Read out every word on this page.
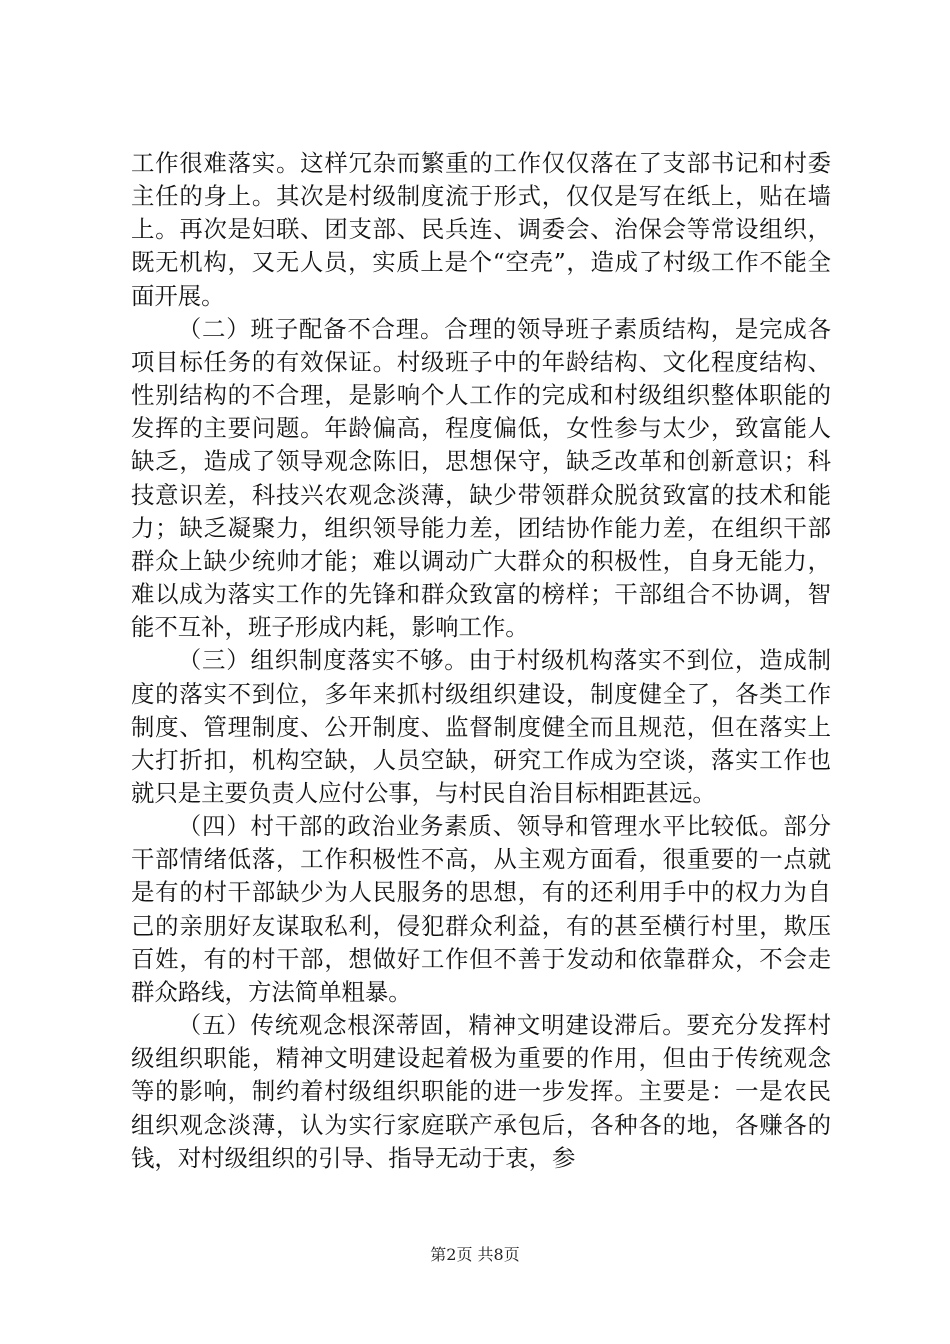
工作很难落实。这样冗杂而繁重的工作仅仅落在了支部书记和村委主任的身上。其次是村级制度流于形式，仅仅是写在纸上，贴在墙上。再次是妇联、团支部、民兵连、调委会、治保会等常设组织，既无机构，又无人员，实质上是个“空壳”，造成了村级工作不能全面开展。

（二）班子配备不合理。合理的领导班子素质结构，是完成各项目标任务的有效保证。村级班子中的年龄结构、文化程度结构、性别结构的不合理，是影响个人工作的完成和村级组织整体职能的发挥的主要问题。年龄偏高，程度偏低，女性参与太少，致富能人缺乏，造成了领导观念陈旧，思想保守，缺乏改革和创新意识；科技意识差，科技兴农观念淡薄，缺少带领群众脱贫致富的技术和能力；缺乏凝聚力，组织领导能力差，团结协作能力差，在组织干部群众上缺少统帅才能；难以调动广大群众的积极性，自身无能力，难以成为落实工作的先锋和群众致富的榜样；干部组合不协调，智能不互补，班子形成内耗，影响工作。

（三）组织制度落实不够。由于村级机构落实不到位，造成制度的落实不到位，多年来抓村级组织建设，制度健全了，各类工作制度、管理制度、公开制度、监督制度健全而且规范，但在落实上大打折扣，机构空缺，人员空缺，研究工作成为空谈，落实工作也就只是主要负责人应付公事，与村民自治目标相距甚远。

（四）村干部的政治业务素质、领导和管理水平比较低。部分干部情绪低落，工作积极性不高，从主观方面看，很重要的一点就是有的村干部缺少为人民服务的思想，有的还利用手中的权力为自己的亲朋好友谋取私利，侵犯群众利益，有的甚至横行村里，欺压百姓，有的村干部，想做好工作但不善于发动和依靠群众，不会走群众路线，方法简单粗暴。

（五）传统观念根深蒂固，精神文明建设滞后。要充分发挥村级组织职能，精神文明建设起着极为重要的作用，但由于传统观念等的影响，制约着村级组织职能的进一步发挥。主要是：一是农民组织观念淡薄，认为实行家庭联产承包后，各种各的地，各赚各的钱，对村级组织的引导、指导无动于衷，参

第2页 共8页
